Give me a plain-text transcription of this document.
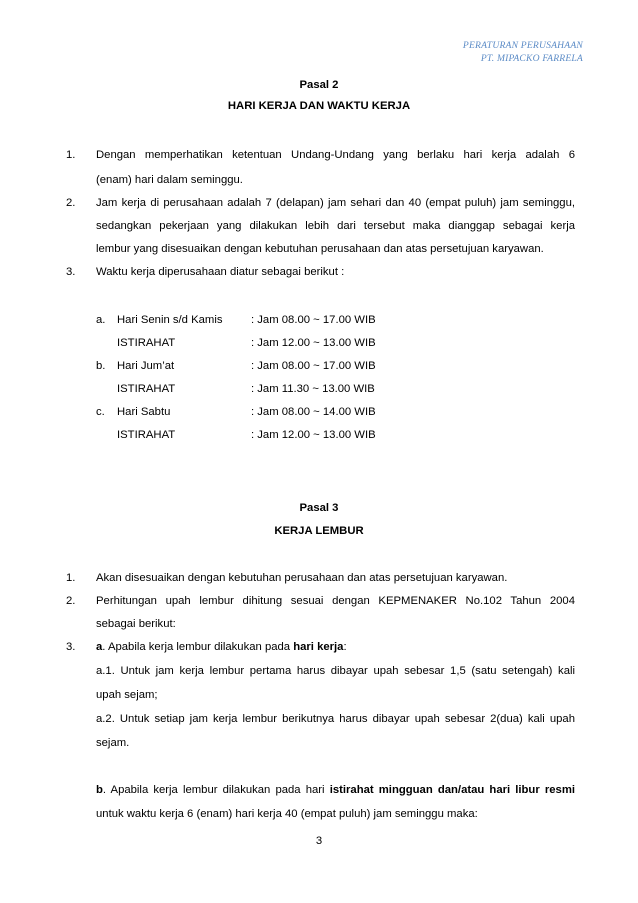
PERATURAN PERUSAHAAN
PT. MIPACKO FARRELA
Pasal 2
HARI KERJA DAN WAKTU KERJA
1. Dengan memperhatikan ketentuan Undang-Undang yang berlaku hari kerja adalah 6
(enam) hari dalam seminggu.
2. Jam kerja di perusahaan adalah 7 (delapan) jam sehari dan 40 (empat puluh) jam seminggu,
sedangkan pekerjaan yang dilakukan lebih dari tersebut maka dianggap sebagai kerja
lembur yang disesuaikan dengan kebutuhan perusahaan dan atas persetujuan karyawan.
3. Waktu kerja diperusahaan diatur sebagai berikut :
a. Hari Senin s/d Kamis	: Jam 08.00 ~ 17.00 WIB
ISTIRAHAT	: Jam 12.00 ~ 13.00 WIB
b. Hari Jum’at	: Jam 08.00 ~ 17.00 WIB
ISTIRAHAT	: Jam 11.30 ~ 13.00 WIB
c. Hari Sabtu	: Jam 08.00 ~ 14.00 WIB
ISTIRAHAT	: Jam 12.00 ~ 13.00 WIB
Pasal 3
KERJA LEMBUR
1. Akan disesuaikan dengan kebutuhan perusahaan dan atas persetujuan karyawan.
2. Perhitungan upah lembur dihitung sesuai dengan KEPMENAKER No.102 Tahun 2004
sebagai berikut:
3. a. Apabila kerja lembur dilakukan pada hari kerja:
a.1. Untuk jam kerja lembur pertama harus dibayar upah sebesar 1,5 (satu setengah) kali
upah sejam;
a.2. Untuk setiap jam kerja lembur berikutnya harus dibayar upah sebesar 2(dua) kali upah
sejam.
b. Apabila kerja lembur dilakukan pada hari istirahat mingguan dan/atau hari libur resmi
untuk waktu kerja 6 (enam) hari kerja 40 (empat puluh) jam seminggu maka:
3
